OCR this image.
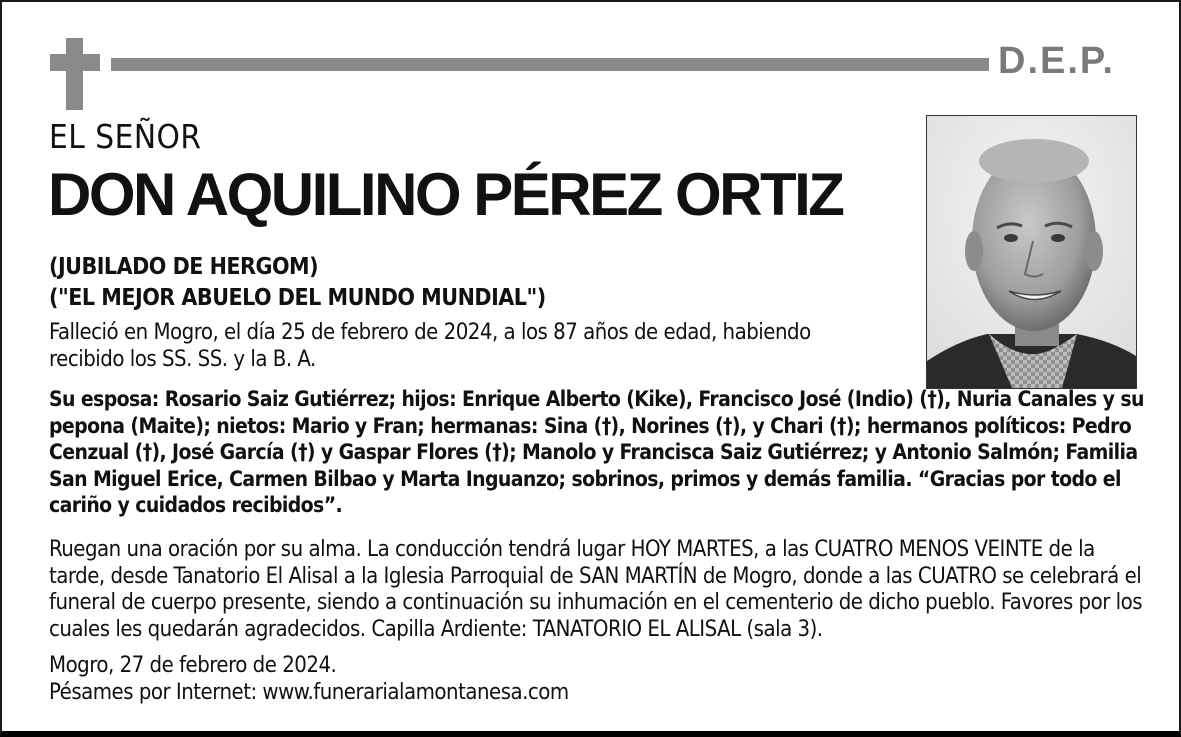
D.E.P.
EL SEÑOR
DON AQUILINO PÉREZ ORTIZ
(JUBILADO DE HERGOM)
("EL MEJOR ABUELO DEL MUNDO MUNDIAL")
Falleció en Mogro, el día 25 de febrero de 2024, a los 87 años de edad, habiendo recibido los SS. SS. y la B. A.
Su esposa: Rosario Saiz Gutiérrez; hijos: Enrique Alberto (Kike), Francisco José (Indio) (†), Nuria Canales y su pepona (Maite); nietos: Mario y Fran; hermanas: Sina (†), Norines (†), y Chari (†); hermanos políticos: Pedro Cenzual (†), José García (†) y Gaspar Flores (†); Manolo y Francisca Saiz Gutiérrez; y Antonio Salmón; Familia San Miguel Erice, Carmen Bilbao y Marta Inguanzo; sobrinos, primos y demás familia. “Gracias por todo el cariño y cuidados recibidos”.
Ruegan una oración por su alma. La conducción tendrá lugar HOY MARTES, a las CUATRO MENOS VEINTE de la tarde, desde Tanatorio El Alisal a la Iglesia Parroquial de SAN MARTÍN de Mogro, donde a las CUATRO se celebrará el funeral de cuerpo presente, siendo a continuación su inhumación en el cementerio de dicho pueblo. Favores por los cuales les quedarán agradecidos. Capilla Ardiente: TANATORIO EL ALISAL (sala 3).
Mogro, 27 de febrero de 2024.
Pésames por Internet: www.funerarialamontanesa.com
